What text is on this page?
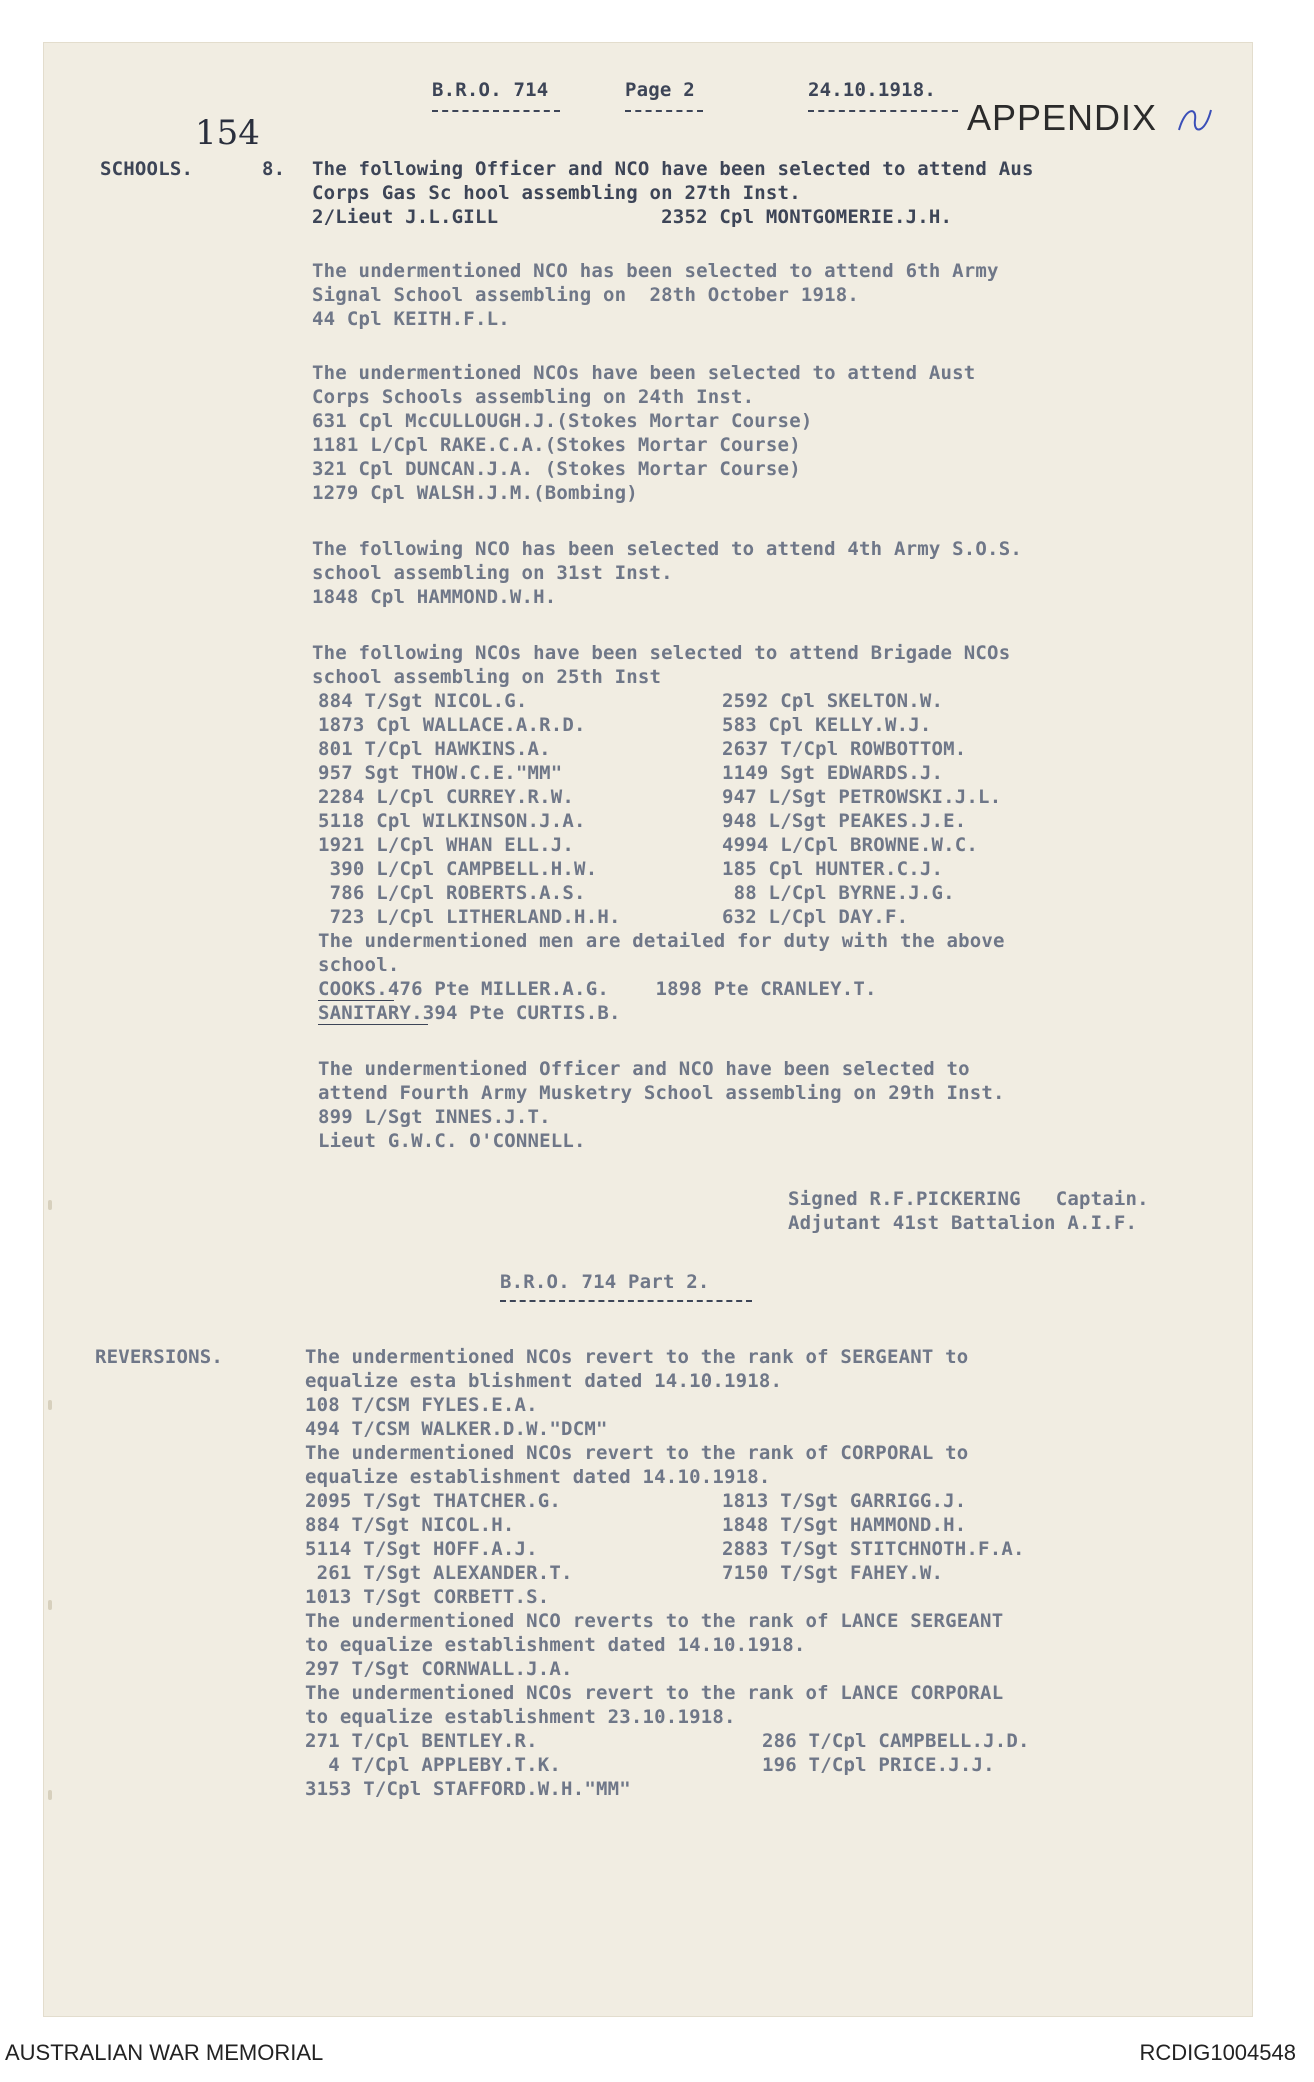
B.R.O. 714	Page 2	24.10.1918.
APPENDIX
154
SCHOOLS.	8. The following Officer and NCO have been selected to attend Aus
Corps Gas Sc hool assembling on 27th Inst.
2/Lieut J.L.GILL              2352 Cpl MONTGOMERIE.J.H.
The undermentioned NCO has been selected to attend 6th Army
Signal School assembling on  28th October 1918.
44 Cpl KEITH.F.L.
The undermentioned NCOs have been selected to attend Aust
Corps Schools assembling on 24th Inst.
631 Cpl McCULLOUGH.J.(Stokes Mortar Course)
1181 L/Cpl RAKE.C.A.(Stokes Mortar Course)
321 Cpl DUNCAN.J.A. (Stokes Mortar Course)
1279 Cpl WALSH.J.M.(Bombing)
The following NCO has been selected to attend 4th Army S.O.S.
school assembling on 31st Inst.
1848 Cpl HAMMOND.W.H.
The following NCOs have been selected to attend Brigade NCOs
school assembling on 25th Inst
884 T/Sgt NICOL.G.	2592 Cpl SKELTON.W.
1873 Cpl WALLACE.A.R.D.	583 Cpl KELLY.W.J.
801 T/Cpl HAWKINS.A.	2637 T/Cpl ROWBOTTOM.
957 Sgt THOW.C.E."MM"	1149 Sgt EDWARDS.J.
2284 L/Cpl CURREY.R.W.	947 L/Sgt PETROWSKI.J.L.
5118 Cpl WILKINSON.J.A.	948 L/Sgt PEAKES.J.E.
1921 L/Cpl WHAN ELL.J.	4994 L/Cpl BROWNE.W.C.
390 L/Cpl CAMPBELL.H.W.	185 Cpl HUNTER.C.J.
786 L/Cpl ROBERTS.A.S.	88 L/Cpl BYRNE.J.G.
723 L/Cpl LITHERLAND.H.H.	632 L/Cpl DAY.F.
The undermentioned men are detailed for duty with the above
school.
COOKS.476 Pte MILLER.A.G.    1898 Pte CRANLEY.T.
SANITARY.394 Pte CURTIS.B.
The undermentioned Officer and NCO have been selected to
attend Fourth Army Musketry School assembling on 29th Inst.
899 L/Sgt INNES.J.T.
Lieut G.W.C. O'CONNELL.
Signed R.F.PICKERING   Captain.
Adjutant 41st Battalion A.I.F.
B.R.O. 714 Part 2.
REVERSIONS.	The undermentioned NCOs revert to the rank of SERGEANT to
equalize esta blishment dated 14.10.1918.
108 T/CSM FYLES.E.A.
494 T/CSM WALKER.D.W."DCM"
The undermentioned NCOs revert to the rank of CORPORAL to
equalize establishment dated 14.10.1918.
2095 T/Sgt THATCHER.G.	1813 T/Sgt GARRIGG.J.
884 T/Sgt NICOL.H.	1848 T/Sgt HAMMOND.H.
5114 T/Sgt HOFF.A.J.	2883 T/Sgt STITCHNOTH.F.A.
261 T/Sgt ALEXANDER.T.	7150 T/Sgt FAHEY.W.
1013 T/Sgt CORBETT.S.
The undermentioned NCO reverts to the rank of LANCE SERGEANT
to equalize establishment dated 14.10.1918.
297 T/Sgt CORNWALL.J.A.
The undermentioned NCOs revert to the rank of LANCE CORPORAL
to equalize establishment 23.10.1918.
271 T/Cpl BENTLEY.R.	286 T/Cpl CAMPBELL.J.D.
4 T/Cpl APPLEBY.T.K.	196 T/Cpl PRICE.J.J.
3153 T/Cpl STAFFORD.W.H."MM"
AUSTRALIAN WAR MEMORIAL	RCDIG1004548
